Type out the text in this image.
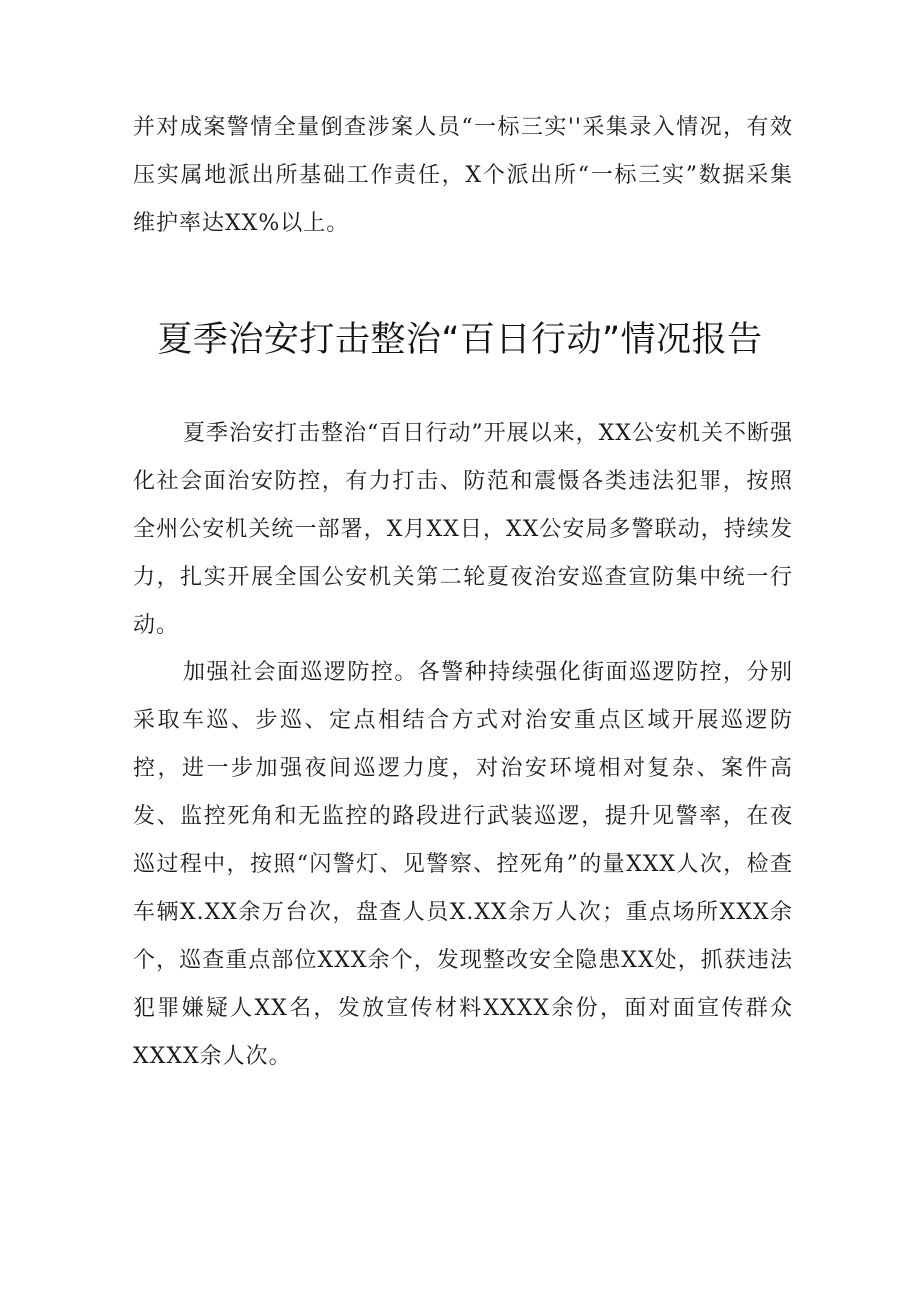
并对成案警情全量倒查涉案人员“一标三实''采集录入情况，有效压实属地派出所基础工作责任，X个派出所“一标三实”数据采集维护率达XX%以上。

夏季治安打击整治“百日行动”情况报告

夏季治安打击整治“百日行动”开展以来，XX公安机关不断强化社会面治安防控，有力打击、防范和震慑各类违法犯罪，按照全州公安机关统一部署，X月XX日，XX公安局多警联动，持续发力，扎实开展全国公安机关第二轮夏夜治安巡查宣防集中统一行动。

加强社会面巡逻防控。各警种持续强化街面巡逻防控，分别采取车巡、步巡、定点相结合方式对治安重点区域开展巡逻防控，进一步加强夜间巡逻力度，对治安环境相对复杂、案件高发、监控死角和无监控的路段进行武装巡逻，提升见警率，在夜巡过程中，按照“闪警灯、见警察、控死角”的量XXX人次，检查车辆X.XX余万台次，盘查人员X.XX余万人次；重点场所XXX余个，巡查重点部位XXX余个，发现整改安全隐患XX处，抓获违法犯罪嫌疑人XX名，发放宣传材料XXXX余份，面对面宣传群众XXXX余人次。
